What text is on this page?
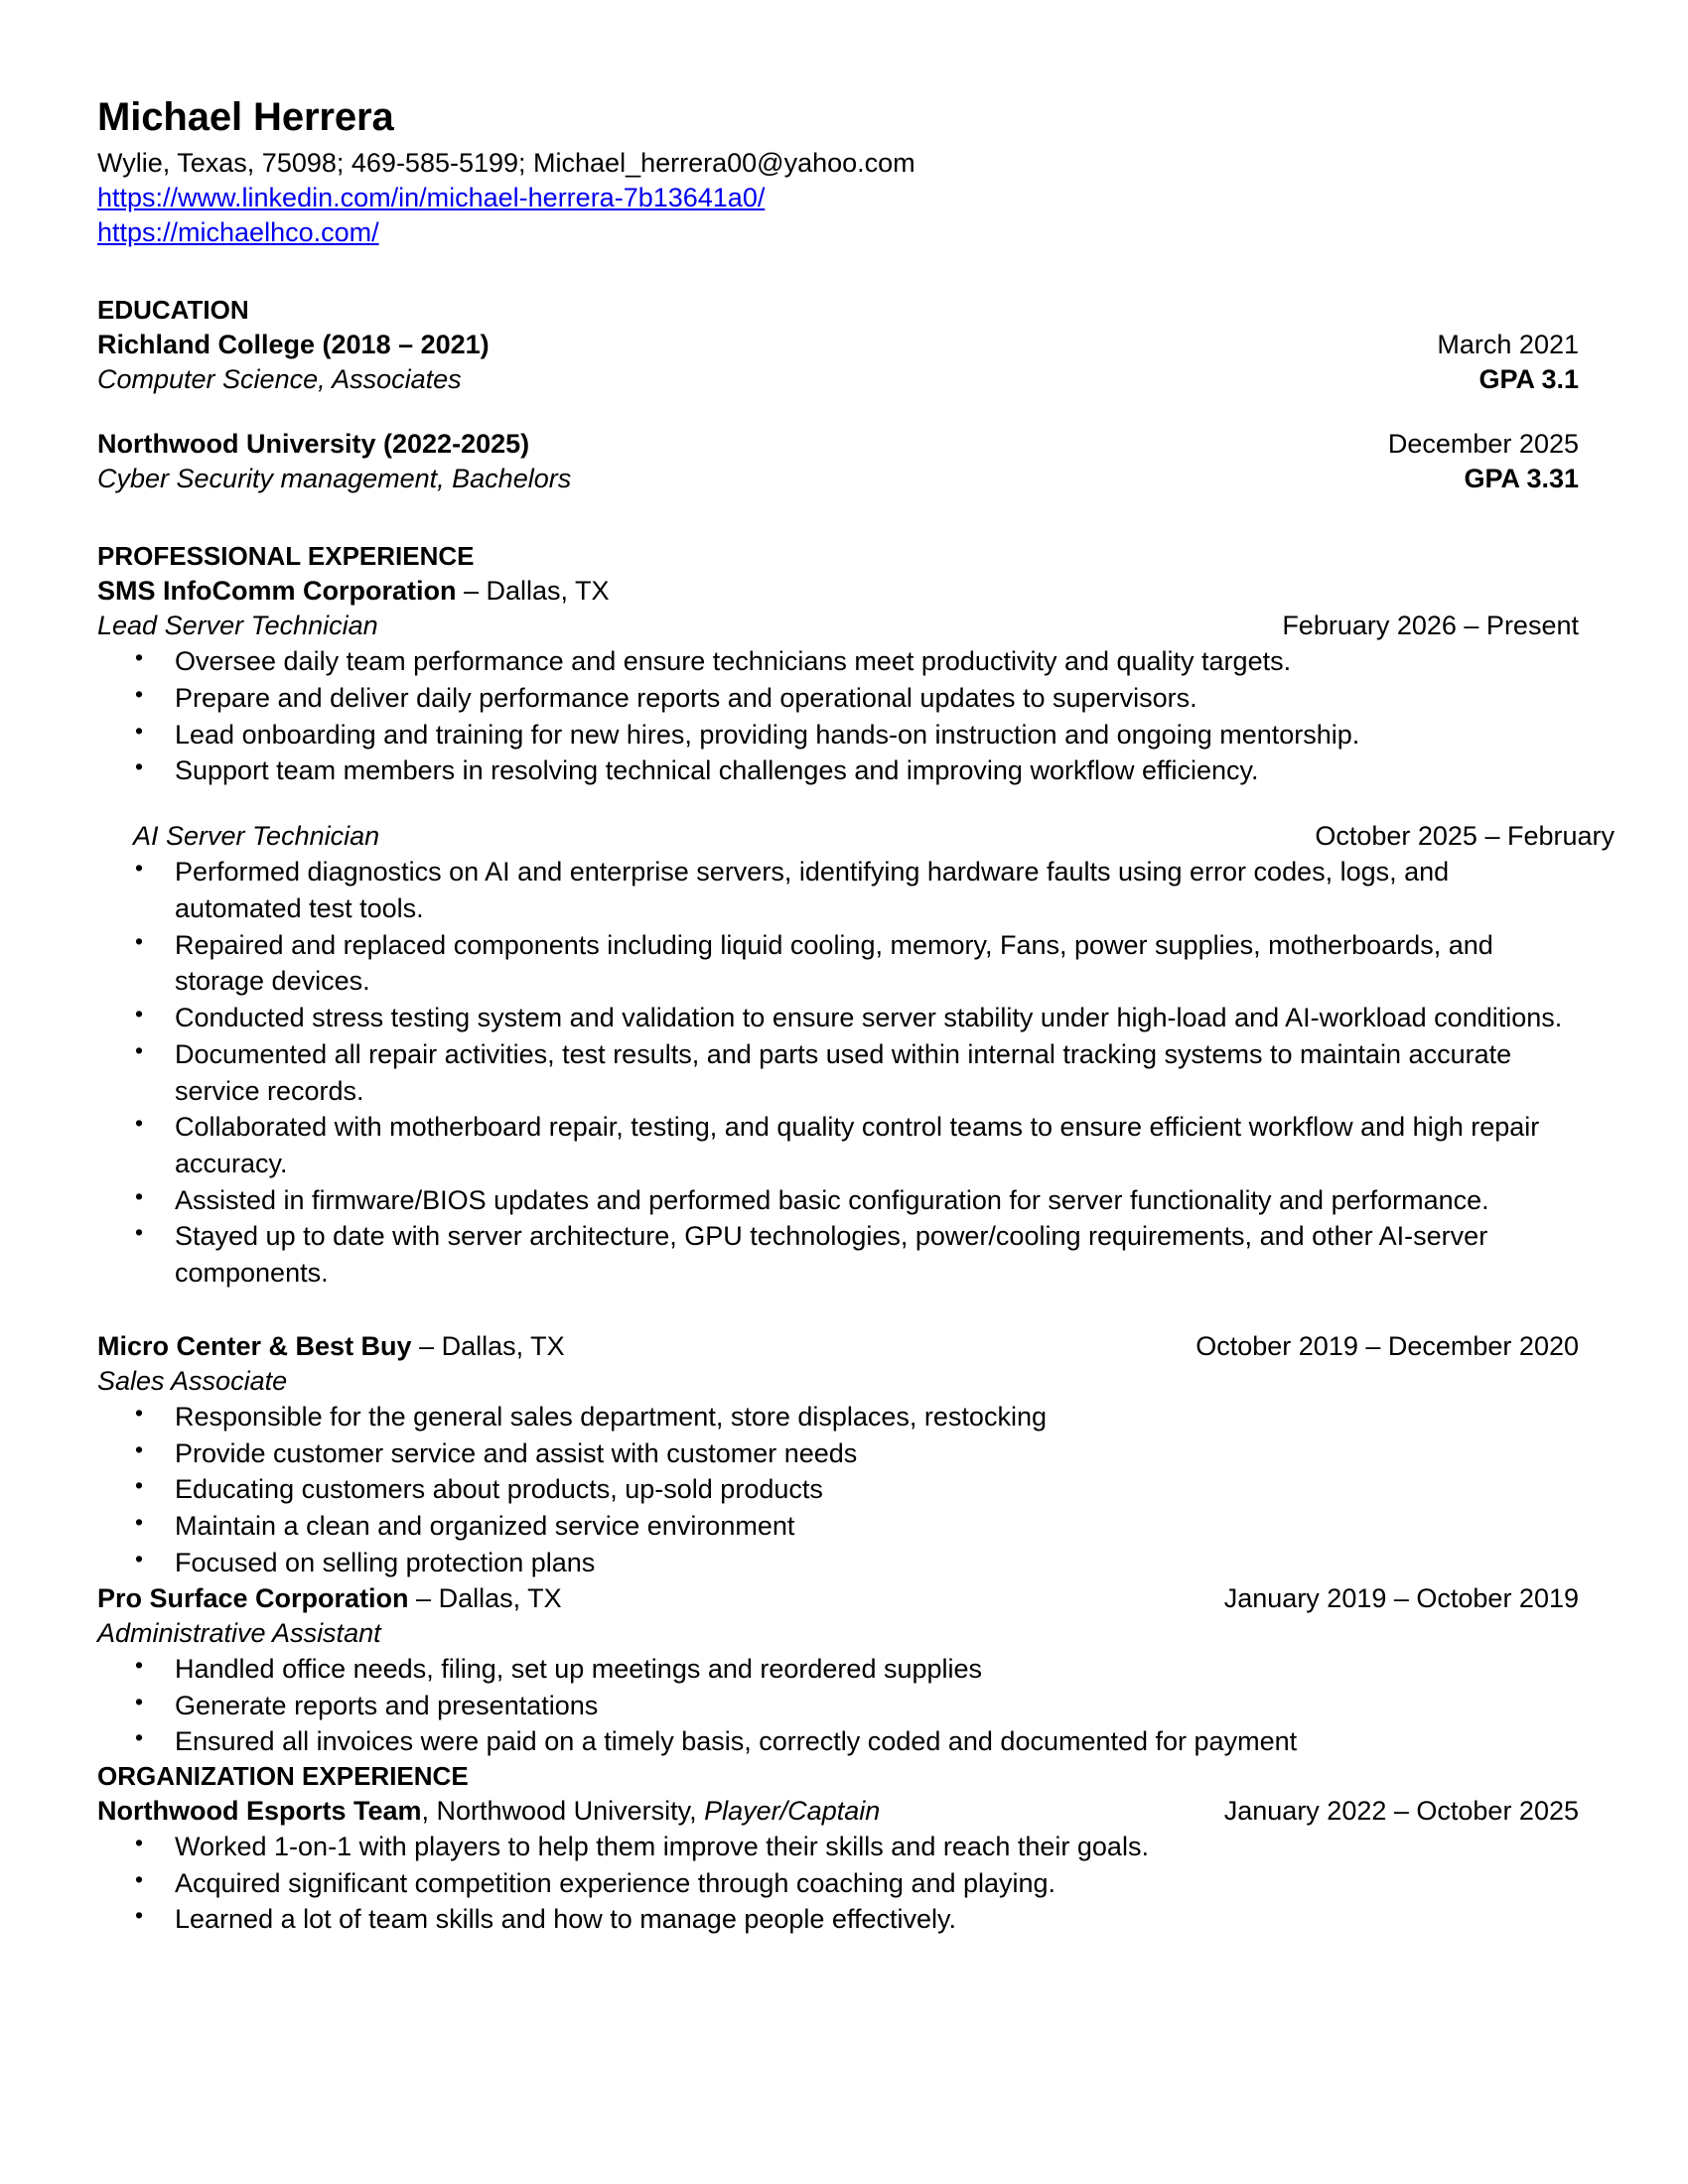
Michael Herrera
Wylie, Texas, 75098; 469-585-5199; Michael_herrera00@yahoo.com
https://www.linkedin.com/in/michael-herrera-7b13641a0/
https://michaelhco.com/
EDUCATION
Richland College (2018 – 2021)	March 2021
Computer Science, Associates	GPA 3.1
Northwood University (2022-2025)	December 2025
Cyber Security management, Bachelors	GPA 3.31
PROFESSIONAL EXPERIENCE
SMS InfoComm Corporation – Dallas, TX
Lead Server Technician	February 2026 – Present
• Oversee daily team performance and ensure technicians meet productivity and quality targets.
• Prepare and deliver daily performance reports and operational updates to supervisors.
• Lead onboarding and training for new hires, providing hands-on instruction and ongoing mentorship.
• Support team members in resolving technical challenges and improving workflow efficiency.
AI Server Technician	October 2025 – February
• Performed diagnostics on AI and enterprise servers, identifying hardware faults using error codes, logs, and automated test tools.
• Repaired and replaced components including liquid cooling, memory, Fans, power supplies, motherboards, and storage devices.
• Conducted stress testing system and validation to ensure server stability under high-load and AI-workload conditions.
• Documented all repair activities, test results, and parts used within internal tracking systems to maintain accurate service records.
• Collaborated with motherboard repair, testing, and quality control teams to ensure efficient workflow and high repair accuracy.
• Assisted in firmware/BIOS updates and performed basic configuration for server functionality and performance.
• Stayed up to date with server architecture, GPU technologies, power/cooling requirements, and other AI-server components.
Micro Center & Best Buy – Dallas, TX	October 2019 – December 2020
Sales Associate
• Responsible for the general sales department, store displaces, restocking
• Provide customer service and assist with customer needs
• Educating customers about products, up-sold products
• Maintain a clean and organized service environment
• Focused on selling protection plans
Pro Surface Corporation – Dallas, TX	January 2019 – October 2019
Administrative Assistant
• Handled office needs, filing, set up meetings and reordered supplies
• Generate reports and presentations
• Ensured all invoices were paid on a timely basis, correctly coded and documented for payment
ORGANIZATION EXPERIENCE
Northwood Esports Team, Northwood University, Player/Captain	January 2022 – October 2025
• Worked 1-on-1 with players to help them improve their skills and reach their goals.
• Acquired significant competition experience through coaching and playing.
• Learned a lot of team skills and how to manage people effectively.
